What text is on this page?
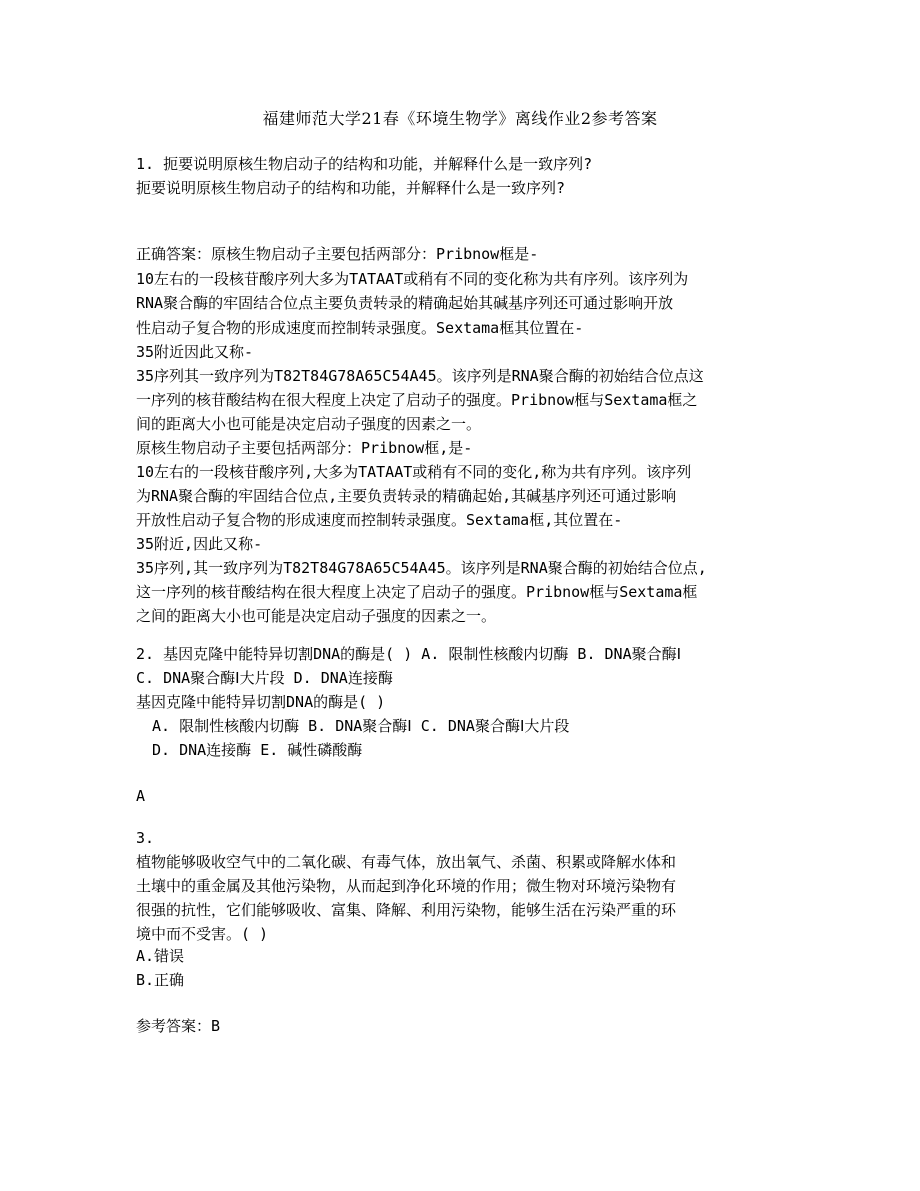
福建师范大学21春《环境生物学》离线作业2参考答案
1. 扼要说明原核生物启动子的结构和功能，并解释什么是一致序列?
扼要说明原核生物启动子的结构和功能，并解释什么是一致序列?
正确答案：原核生物启动子主要包括两部分：Pribnow框是-
10左右的一段核苷酸序列大多为TATAAT或稍有不同的变化称为共有序列。该序列为
RNA聚合酶的牢固结合位点主要负责转录的精确起始其碱基序列还可通过影响开放
性启动子复合物的形成速度而控制转录强度。Sextama框其位置在-
35附近因此又称-
35序列其一致序列为T82T84G78A65C54A45。该序列是RNA聚合酶的初始结合位点这
一序列的核苷酸结构在很大程度上决定了启动子的强度。Pribnow框与Sextama框之
间的距离大小也可能是决定启动子强度的因素之一。
原核生物启动子主要包括两部分：Pribnow框,是-
10左右的一段核苷酸序列,大多为TATAAT或稍有不同的变化,称为共有序列。该序列
为RNA聚合酶的牢固结合位点,主要负责转录的精确起始,其碱基序列还可通过影响
开放性启动子复合物的形成速度而控制转录强度。Sextama框,其位置在-
35附近,因此又称-
35序列,其一致序列为T82T84G78A65C54A45。该序列是RNA聚合酶的初始结合位点,
这一序列的核苷酸结构在很大程度上决定了启动子的强度。Pribnow框与Sextama框
之间的距离大小也可能是决定启动子强度的因素之一。
2. 基因克隆中能特异切割DNA的酶是( ) A. 限制性核酸内切酶 B. DNA聚合酶Ⅰ
C. DNA聚合酶Ⅰ大片段 D. DNA连接酶
基因克隆中能特异切割DNA的酶是( )
A. 限制性核酸内切酶 B. DNA聚合酶Ⅰ C. DNA聚合酶Ⅰ大片段
D. DNA连接酶 E. 碱性磷酸酶
A
3.
植物能够吸收空气中的二氧化碳、有毒气体，放出氧气、杀菌、积累或降解水体和
土壤中的重金属及其他污染物，从而起到净化环境的作用；微生物对环境污染物有
很强的抗性，它们能够吸收、富集、降解、利用污染物，能够生活在污染严重的环
境中而不受害。( )
A.错误
B.正确
参考答案：B
